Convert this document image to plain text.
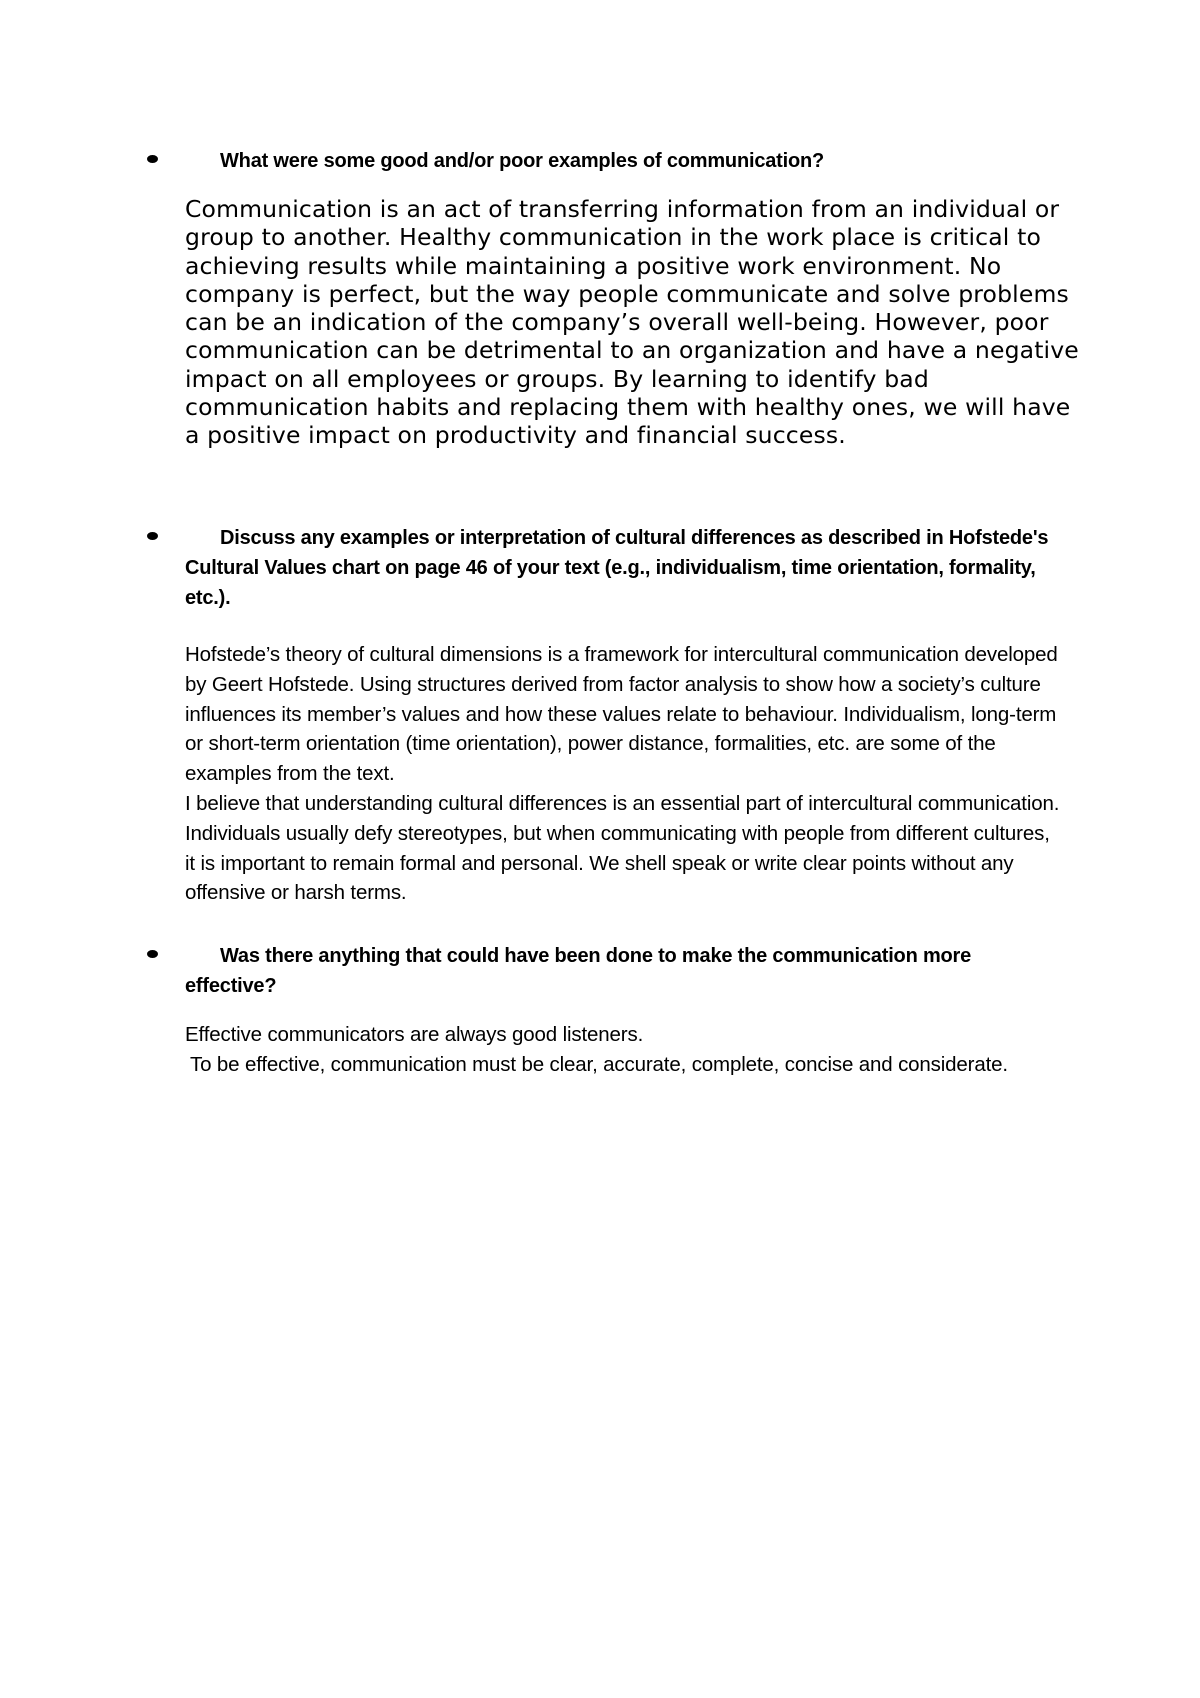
What were some good and/or poor examples of communication?

Communication is an act of transferring information from an individual or group to another. Healthy communication in the work place is critical to achieving results while maintaining a positive work environment. No company is perfect, but the way people communicate and solve problems can be an indication of the company’s overall well-being. However, poor communication can be detrimental to an organization and have a negative impact on all employees or groups. By learning to identify bad communication habits and replacing them with healthy ones, we will have a positive impact on productivity and financial success.

Discuss any examples or interpretation of cultural differences as described in Hofstede's Cultural Values chart on page 46 of your text (e.g., individualism, time orientation, formality, etc.).

Hofstede’s theory of cultural dimensions is a framework for intercultural communication developed by Geert Hofstede. Using structures derived from factor analysis to show how a society’s culture influences its member’s values and how these values relate to behaviour. Individualism, long-term or short-term orientation (time orientation), power distance, formalities, etc. are some of the examples from the text.

I believe that understanding cultural differences is an essential part of intercultural communication. Individuals usually defy stereotypes, but when communicating with people from different cultures, it is important to remain formal and personal. We shell speak or write clear points without any offensive or harsh terms.

Was there anything that could have been done to make the communication more effective?

Effective communicators are always good listeners.

To be effective, communication must be clear, accurate, complete, concise and considerate.
